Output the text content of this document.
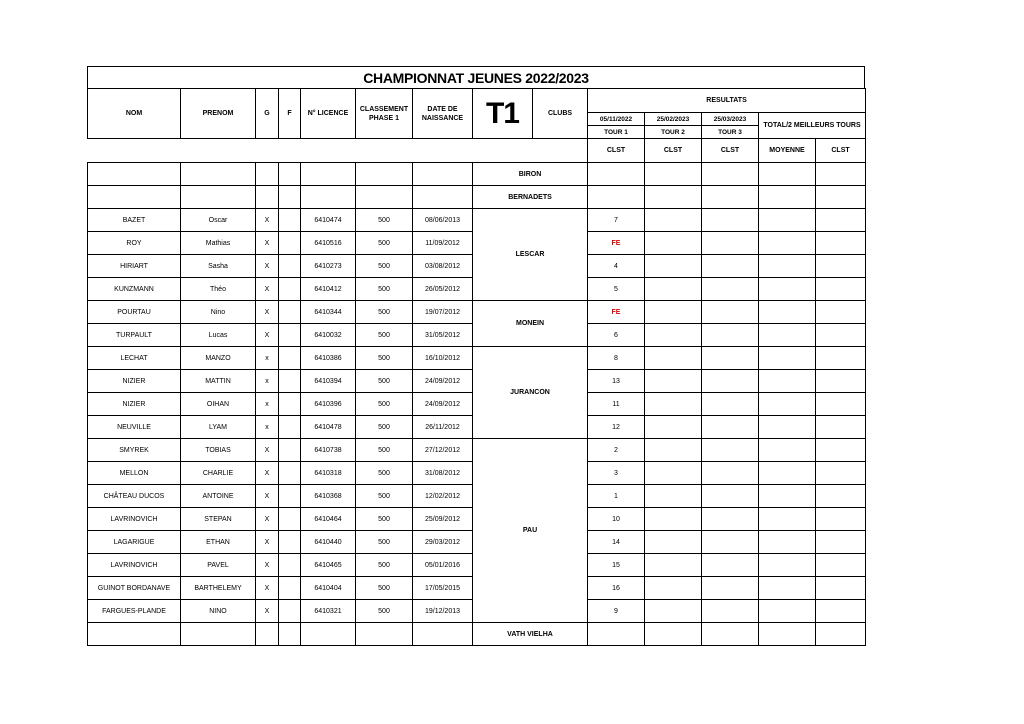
CHAMPIONNAT JEUNES 2022/2023
NOM	PRENOM	G	F	N° LICENCE	CLASSEMENT PHASE 1	DATE DE NAISSANCE	T1	CLUBS	RESULTATS				
									05/11/2022	25/02/2023	25/03/2023	TOTAL/2 MEILLEURS TOURS	
									TOUR 1	TOUR 2	TOUR 3		
									CLST	CLST	CLST	MOYENNE	CLST
							BIRON						
							BERNADETS						
BAZET	Oscar	X		6410474	500	08/06/2013	LESCAR		7				
ROY	Mathias	X		6410516	500	11/09/2012			FE				
HIRIART	Sasha	X		6410273	500	03/08/2012			4				
KUNZMANN	Théo	X		6410412	500	26/05/2012			5				
POURTAU	Nino	X		6410344	500	19/07/2012	MONEIN		FE				
TURPAULT	Lucas	X		6410032	500	31/05/2012			6				
LECHAT	MANZO	x		6410386	500	16/10/2012	JURANCON		8				
NIZIER	MATTIN	x		6410394	500	24/09/2012			13				
NIZIER	OIHAN	x		6410396	500	24/09/2012			11				
NEUVILLE	LYAM	x		6410478	500	26/11/2012			12				
SMYREK	TOBIAS	X		6410738	500	27/12/2012	PAU		2				
MELLON	CHARLIE	X		6410318	500	31/08/2012			3				
CHÂTEAU DUCOS	ANTOINE	X		6410368	500	12/02/2012			1				
LAVRINOVICH	STEPAN	X		6410464	500	25/09/2012			10				
LAGARIGUE	ETHAN	X		6410440	500	29/03/2012			14				
LAVRINOVICH	PAVEL	X		6410465	500	05/01/2016			15				
GUINOT BORDANAVE	BARTHELEMY	X		6410404	500	17/05/2015			16				
FARGUES-PLANDE	NINO	X		6410321	500	19/12/2013			9				
							VATH VIELHA						
